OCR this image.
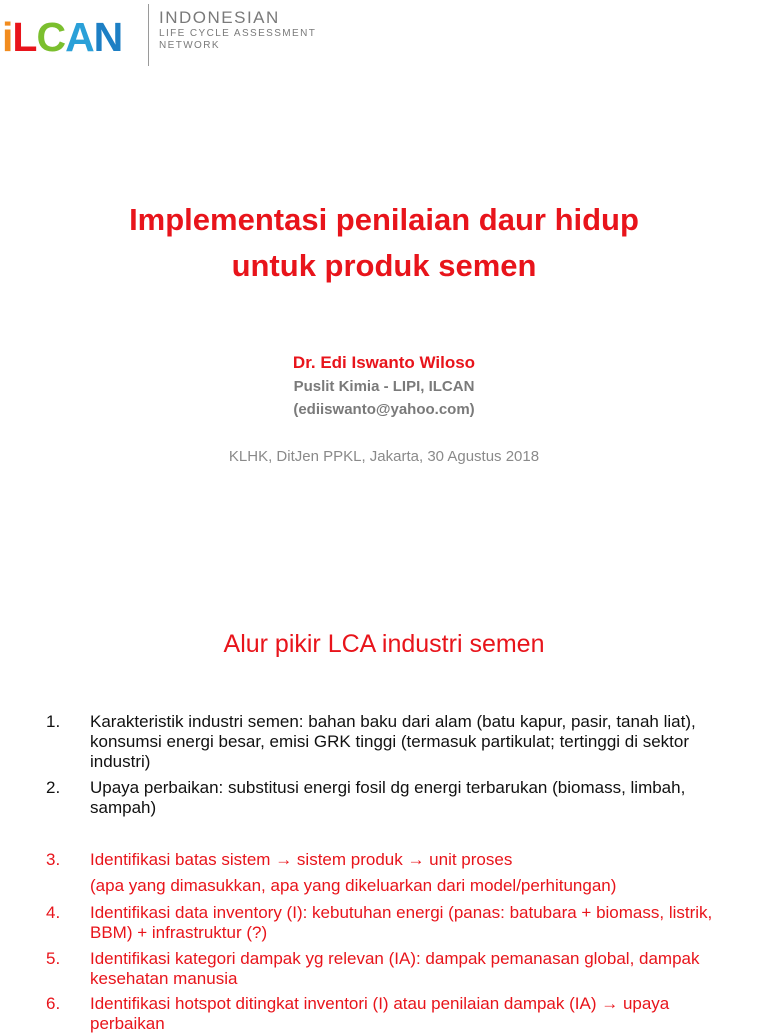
iLCAN INDONESIAN
LIFE CYCLE ASSESSMENT
NETWORK
Implementasi penilaian daur hidup
untuk produk semen
Dr. Edi Iswanto Wiloso
Puslit Kimia - LIPI, ILCAN
(ediiswanto@yahoo.com)
KLHK, DitJen PPKL, Jakarta, 30 Agustus 2018
Alur pikir LCA industri semen
1. Karakteristik industri semen: bahan baku dari alam (batu kapur, pasir, tanah liat), konsumsi energi besar, emisi GRK tinggi (termasuk partikulat; tertinggi di sektor industri)
2. Upaya perbaikan: substitusi energi fosil dg energi terbarukan (biomass, limbah, sampah)
3. Identifikasi batas sistem → sistem produk → unit proses
(apa yang dimasukkan, apa yang dikeluarkan dari model/perhitungan)
4. Identifikasi data inventory (I): kebutuhan energi (panas: batubara + biomass, listrik, BBM) + infrastruktur (?)
5. Identifikasi kategori dampak yg relevan (IA): dampak pemanasan global, dampak kesehatan manusia
6. Identifikasi hotspot ditingkat inventori (I) atau penilaian dampak (IA) → upaya perbaikan
